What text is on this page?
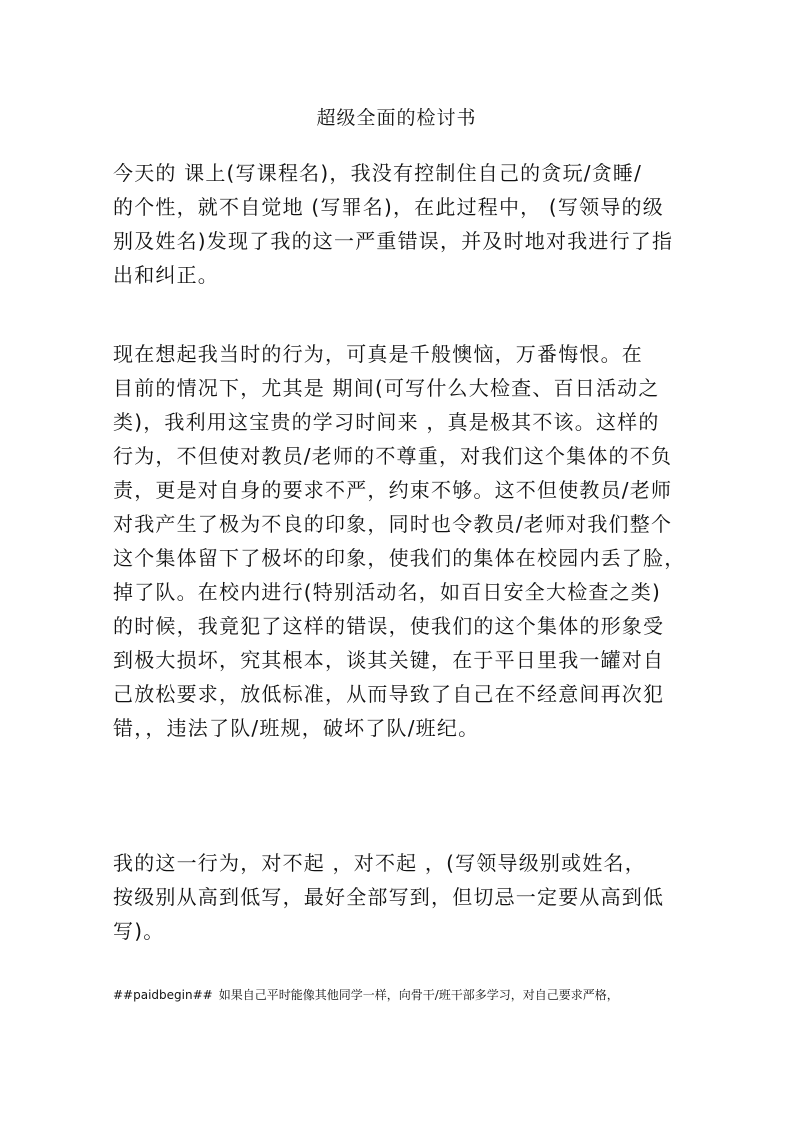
超级全面的检讨书
今天的 课上(写课程名)，我没有控制住自己的贪玩/贪睡/
的个性，就不自觉地 (写罪名)，在此过程中， (写领导的级
别及姓名)发现了我的这一严重错误，并及时地对我进行了指
出和纠正。
现在想起我当时的行为，可真是千般懊恼，万番悔恨。在
目前的情况下，尤其是 期间(可写什么大检查、百日活动之
类)，我利用这宝贵的学习时间来 ，真是极其不该。这样的
行为，不但使对教员/老师的不尊重，对我们这个集体的不负
责，更是对自身的要求不严，约束不够。这不但使教员/老师
对我产生了极为不良的印象，同时也令教员/老师对我们整个
这个集体留下了极坏的印象，使我们的集体在校园内丢了脸，
掉了队。在校内进行(特别活动名，如百日安全大检查之类)
的时候，我竟犯了这样的错误，使我们的这个集体的形象受
到极大损坏，究其根本，谈其关键，在于平日里我一罐对自
己放松要求，放低标准，从而导致了自己在不经意间再次犯
错，，违法了队/班规，破坏了队/班纪。
我的这一行为，对不起 ，对不起 ，(写领导级别或姓名，
按级别从高到低写，最好全部写到，但切忌一定要从高到低
写)。
##paidbegin## 如果自己平时能像其他同学一样，向骨干/班干部多学习，对自己要求严格，
